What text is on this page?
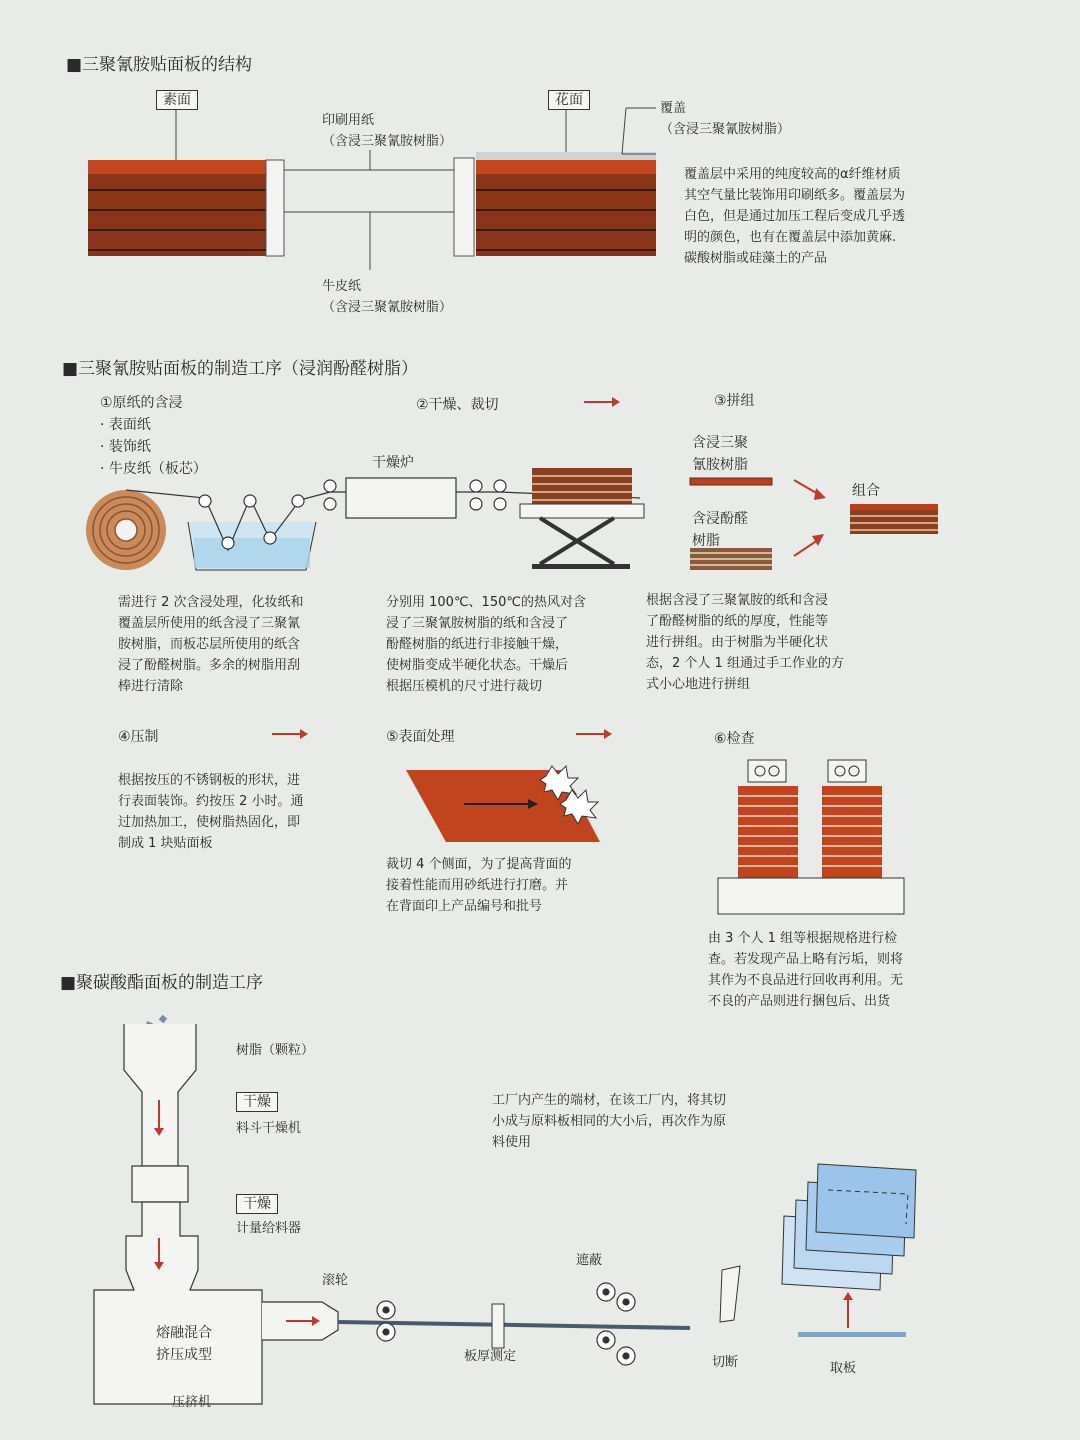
■三聚氰胺贴面板的结构
素面	花面
印刷用纸
（含浸三聚氰胺树脂）
牛皮纸
（含浸三聚氰胺树脂）
覆盖
（含浸三聚氰胺树脂）
覆盖层中采用的纯度较高的α纤维材质
其空气量比装饰用印刷纸多。覆盖层为
白色，但是通过加压工程后变成几乎透
明的颜色，也有在覆盖层中添加黄麻.
碳酸树脂或硅藻土的产品
■三聚氰胺贴面板的制造工序（浸润酚醛树脂）
①原纸的含浸
· 表面纸
· 装饰纸
· 牛皮纸（板芯）
②干燥、裁切	③拼组
干燥炉
含浸三聚
氰胺树脂
含浸酚醛
树脂
组合
需进行 2 次含浸处理，化妆纸和
覆盖层所使用的纸含浸了三聚氰
胺树脂，而板芯层所使用的纸含
浸了酚醛树脂。多余的树脂用刮
棒进行清除
分别用 100℃、150℃的热风对含
浸了三聚氰胺树脂的纸和含浸了
酚醛树脂的纸进行非接触干燥，
使树脂变成半硬化状态。干燥后
根据压模机的尺寸进行裁切
根据含浸了三聚氰胺的纸和含浸
了酚醛树脂的纸的厚度，性能等
进行拼组。由于树脂为半硬化状
态，2 个人 1 组通过手工作业的方
式小心地进行拼组
④压制	⑤表面处理	⑥检查
根据按压的不锈钢板的形状，进
行表面装饰。约按压 2 小时。通
过加热加工，使树脂热固化，即
制成 1 块贴面板
裁切 4 个侧面，为了提高背面的
接着性能而用砂纸进行打磨。并
在背面印上产品编号和批号
由 3 个人 1 组等根据规格进行检
查。若发现产品上略有污垢，则将
其作为不良品进行回收再利用。无
不良的产品则进行捆包后、出货
■聚碳酸酯面板的制造工序
树脂（颗粒）
干燥
料斗干燥机
干燥
计量给料器
滚轮
熔融混合
挤压成型
压挤机
板厚测定
遮蔽
切断	取板
工厂内产生的端材，在该工厂内，将其切
小成与原料板相同的大小后，再次作为原
料使用
